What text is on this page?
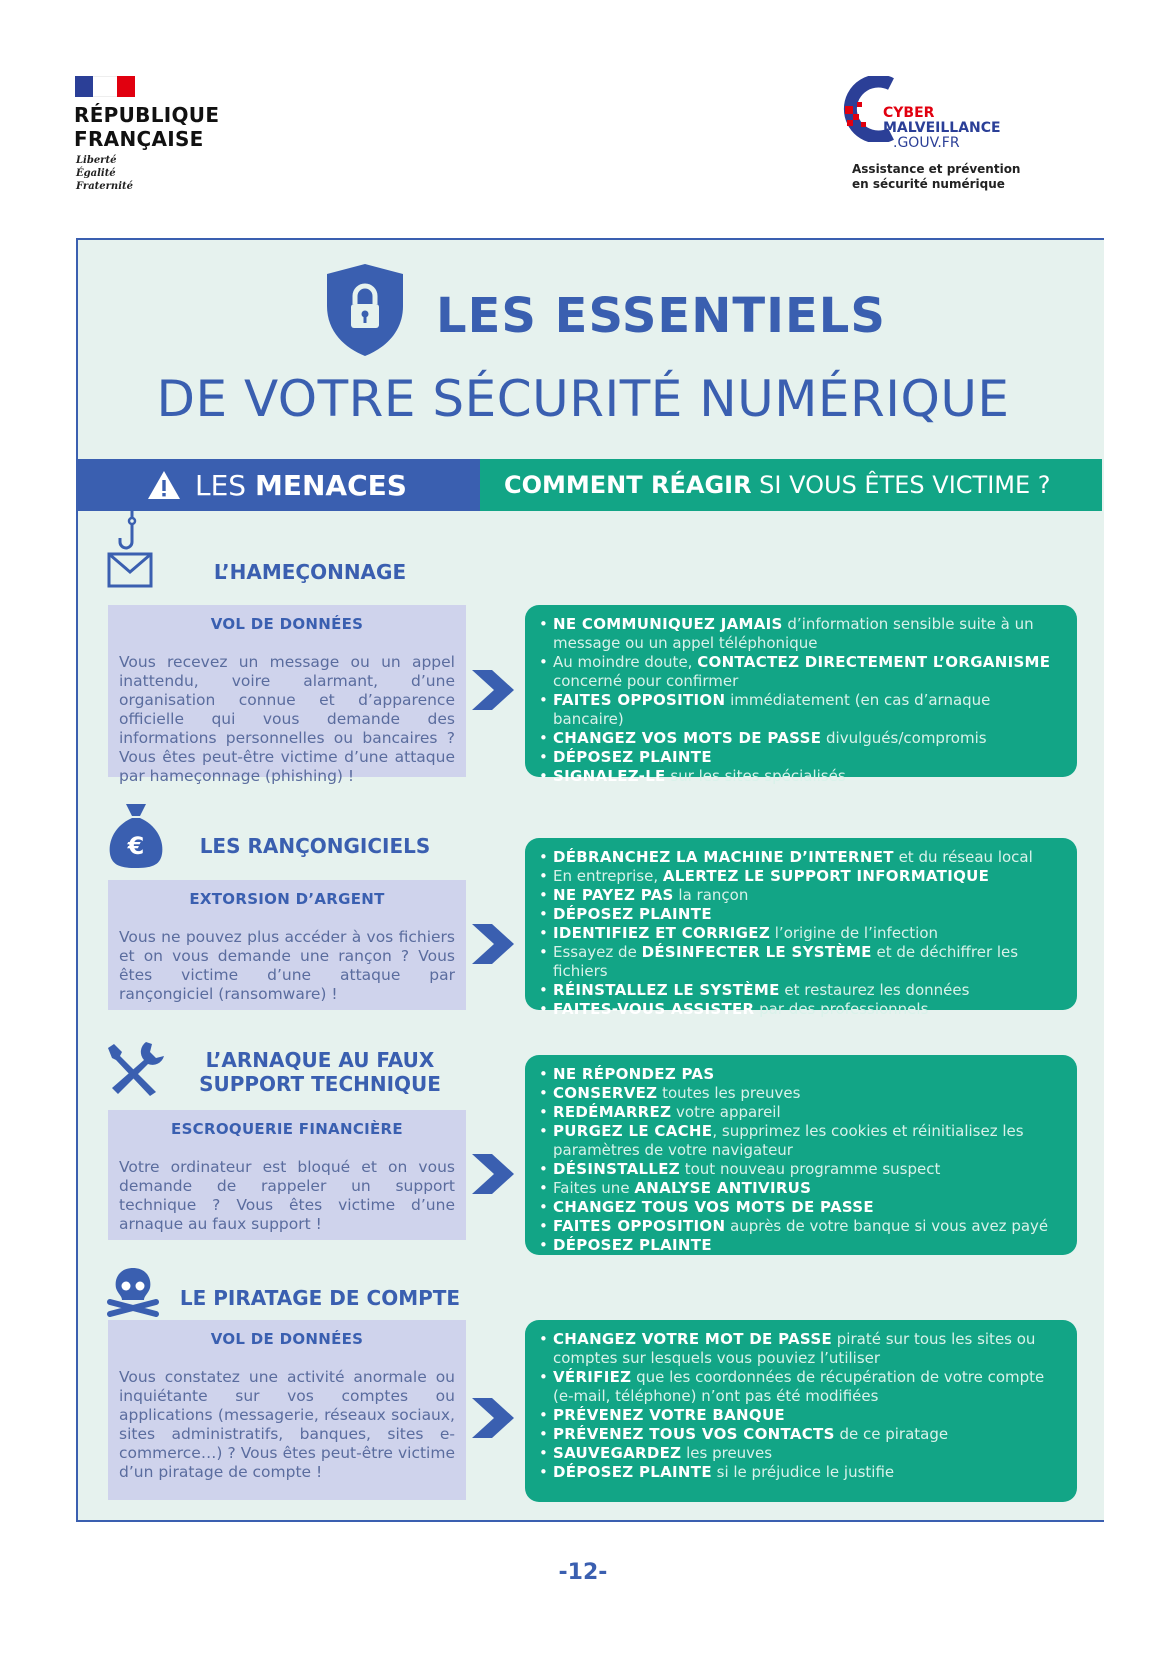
RÉPUBLIQUE
FRANÇAISE
Liberté
Égalité
Fraternité
CYBER
MALVEILLANCE
.GOUV.FR
Assistance et prévention
en sécurité numérique
LES ESSENTIELS
DE VOTRE SÉCURITÉ NUMÉRIQUE
LES MENACES	COMMENT RÉAGIR SI VOUS ÊTES VICTIME ?
L’HAMEÇONNAGE
VOL DE DONNÉES
Vous recevez un message ou un appel inattendu, voire alarmant, d’une organisation connue et d’apparence officielle qui vous demande des informations personnelles ou bancaires ? Vous êtes peut-être victime d’une attaque par hameçonnage (phishing) !
• NE COMMUNIQUEZ JAMAIS d’information sensible suite à un message ou un appel téléphonique
• Au moindre doute, CONTACTEZ DIRECTEMENT L’ORGANISME concerné pour confirmer
• FAITES OPPOSITION immédiatement (en cas d’arnaque bancaire)
• CHANGEZ VOS MOTS DE PASSE divulgués/compromis
• DÉPOSEZ PLAINTE
• SIGNALEZ-LE sur les sites spécialisés
€	LES RANÇONGICIELS
EXTORSION D’ARGENT
Vous ne pouvez plus accéder à vos fichiers et on vous demande une rançon ? Vous êtes victime d’une attaque par rançongiciel (ransomware) !
• DÉBRANCHEZ LA MACHINE D’INTERNET et du réseau local
• En entreprise, ALERTEZ LE SUPPORT INFORMATIQUE
• NE PAYEZ PAS la rançon
• DÉPOSEZ PLAINTE
• IDENTIFIEZ ET CORRIGEZ l’origine de l’infection
• Essayez de DÉSINFECTER LE SYSTÈME et de déchiffrer les fichiers
• RÉINSTALLEZ LE SYSTÈME et restaurez les données
• FAITES-VOUS ASSISTER par des professionnels
L’ARNAQUE AU FAUX SUPPORT TECHNIQUE
ESCROQUERIE FINANCIÈRE
Votre ordinateur est bloqué et on vous demande de rappeler un support technique ? Vous êtes victime d’une arnaque au faux support !
• NE RÉPONDEZ PAS
• CONSERVEZ toutes les preuves
• REDÉMARREZ votre appareil
• PURGEZ LE CACHE, supprimez les cookies et réinitialisez les paramètres de votre navigateur
• DÉSINSTALLEZ tout nouveau programme suspect
• Faites une ANALYSE ANTIVIRUS
• CHANGEZ TOUS VOS MOTS DE PASSE
• FAITES OPPOSITION auprès de votre banque si vous avez payé
• DÉPOSEZ PLAINTE
LE PIRATAGE DE COMPTE
VOL DE DONNÉES
Vous constatez une activité anormale ou inquiétante sur vos comptes ou applications (messagerie, réseaux sociaux, sites administratifs, banques, sites e-commerce…) ? Vous êtes peut-être victime d’un piratage de compte !
• CHANGEZ VOTRE MOT DE PASSE piraté sur tous les sites ou comptes sur lesquels vous pouviez l’utiliser
• VÉRIFIEZ que les coordonnées de récupération de votre compte (e-mail, téléphone) n’ont pas été modifiées
• PRÉVENEZ VOTRE BANQUE
• PRÉVENEZ TOUS VOS CONTACTS de ce piratage
• SAUVEGARDEZ les preuves
• DÉPOSEZ PLAINTE si le préjudice le justifie
-12-
